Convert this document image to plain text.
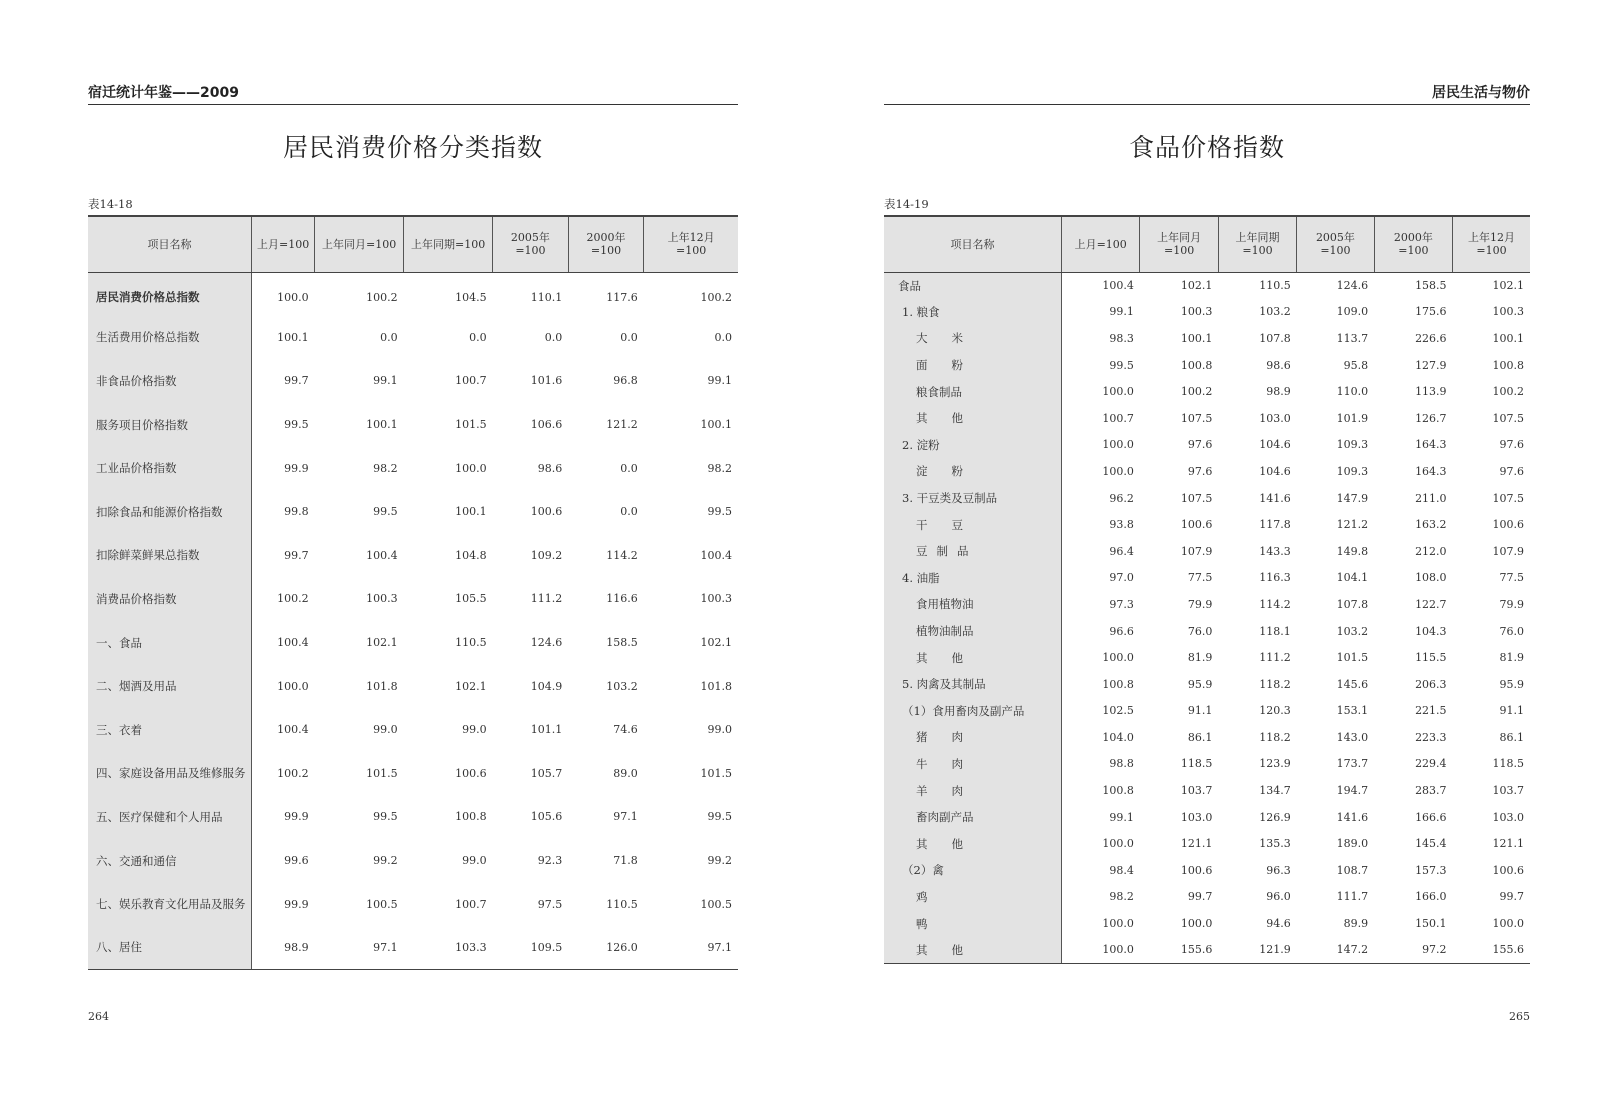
宿迁统计年鉴——2009
居民消费价格分类指数
表14-18
项目名称	上月=100	上年同月=100	上年同期=100	2005年
=100	2000年
=100	上年12月
=100
居民消费价格总指数	100.0	100.2	104.5	110.1	117.6	100.2
生活费用价格总指数	100.1	0.0	0.0	0.0	0.0	0.0
非食品价格指数	99.7	99.1	100.7	101.6	96.8	99.1
服务项目价格指数	99.5	100.1	101.5	106.6	121.2	100.1
工业品价格指数	99.9	98.2	100.0	98.6	0.0	98.2
扣除食品和能源价格指数	99.8	99.5	100.1	100.6	0.0	99.5
扣除鲜菜鲜果总指数	99.7	100.4	104.8	109.2	114.2	100.4
消费品价格指数	100.2	100.3	105.5	111.2	116.6	100.3
一、食品	100.4	102.1	110.5	124.6	158.5	102.1
二、烟酒及用品	100.0	101.8	102.1	104.9	103.2	101.8
三、衣着	100.4	99.0	99.0	101.1	74.6	99.0
四、家庭设备用品及维修服务	100.2	101.5	100.6	105.7	89.0	101.5
五、医疗保健和个人用品	99.9	99.5	100.8	105.6	97.1	99.5
六、交通和通信	99.6	99.2	99.0	92.3	71.8	99.2
七、娱乐教育文化用品及服务	99.9	100.5	100.7	97.5	110.5	100.5
八、居住	98.9	97.1	103.3	109.5	126.0	97.1
264
居民生活与物价
食品价格指数
表14-19
项目名称	上月=100	上年同月=100	上年同期=100	2005年
=100	2000年
=100	上年12月
=100
食品	100.4	102.1	110.5	124.6	158.5	102.1
1. 粮食	99.1	100.3	103.2	109.0	175.6	100.3
大米	98.3	100.1	107.8	113.7	226.6	100.1
面粉	99.5	100.8	98.6	95.8	127.9	100.8
粮食制品	100.0	100.2	98.9	110.0	113.9	100.2
其他	100.7	107.5	103.0	101.9	126.7	107.5
2. 淀粉	100.0	97.6	104.6	109.3	164.3	97.6
淀粉	100.0	97.6	104.6	109.3	164.3	97.6
3. 干豆类及豆制品	96.2	107.5	141.6	147.9	211.0	107.5
干豆	93.8	100.6	117.8	121.2	163.2	100.6
豆制品	96.4	107.9	143.3	149.8	212.0	107.9
4. 油脂	97.0	77.5	116.3	104.1	108.0	77.5
食用植物油	97.3	79.9	114.2	107.8	122.7	79.9
植物油制品	96.6	76.0	118.1	103.2	104.3	76.0
其他	100.0	81.9	111.2	101.5	115.5	81.9
5. 肉禽及其制品	100.8	95.9	118.2	145.6	206.3	95.9
（1）食用畜肉及副产品	102.5	91.1	120.3	153.1	221.5	91.1
猪肉	104.0	86.1	118.2	143.0	223.3	86.1
牛肉	98.8	118.5	123.9	173.7	229.4	118.5
羊肉	100.8	103.7	134.7	194.7	283.7	103.7
畜肉副产品	99.1	103.0	126.9	141.6	166.6	103.0
其他	100.0	121.1	135.3	189.0	145.4	121.1
（2）禽	98.4	100.6	96.3	108.7	157.3	100.6
鸡	98.2	99.7	96.0	111.7	166.0	99.7
鸭	100.0	100.0	94.6	89.9	150.1	100.0
其他	100.0	155.6	121.9	147.2	97.2	155.6
265
